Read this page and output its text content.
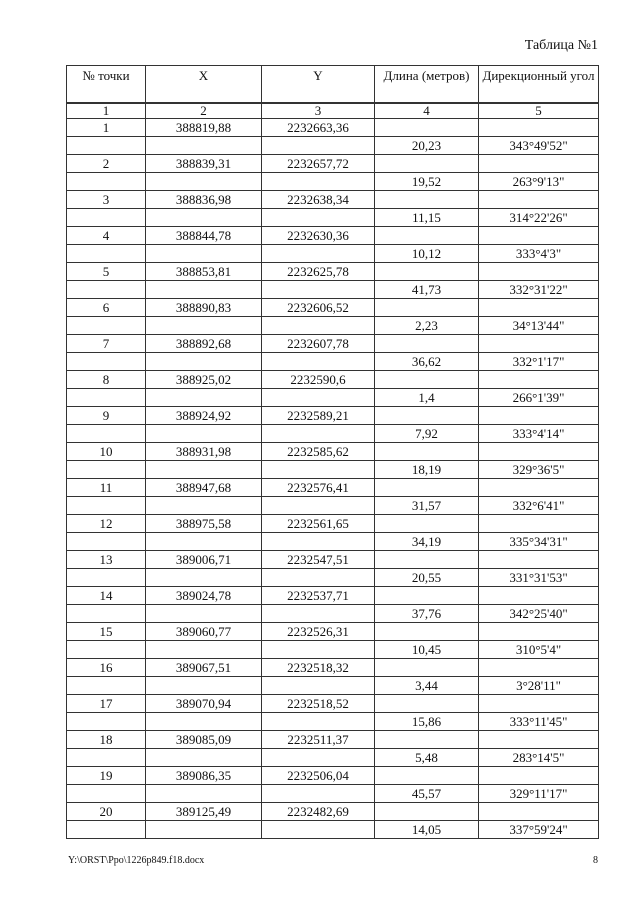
Таблица №1
№ точки	X	Y	Длина (метров)	Дирекционный угол
1	2	3	4	5
1	388819,88	2232663,36		
			20,23	343°49'52"
2	388839,31	2232657,72		
			19,52	263°9'13"
3	388836,98	2232638,34		
			11,15	314°22'26"
4	388844,78	2232630,36		
			10,12	333°4'3"
5	388853,81	2232625,78		
			41,73	332°31'22"
6	388890,83	2232606,52		
			2,23	34°13'44"
7	388892,68	2232607,78		
			36,62	332°1'17"
8	388925,02	2232590,6		
			1,4	266°1'39"
9	388924,92	2232589,21		
			7,92	333°4'14"
10	388931,98	2232585,62		
			18,19	329°36'5"
11	388947,68	2232576,41		
			31,57	332°6'41"
12	388975,58	2232561,65		
			34,19	335°34'31"
13	389006,71	2232547,51		
			20,55	331°31'53"
14	389024,78	2232537,71		
			37,76	342°25'40"
15	389060,77	2232526,31		
			10,45	310°5'4"
16	389067,51	2232518,32		
			3,44	3°28'11"
17	389070,94	2232518,52		
			15,86	333°11'45"
18	389085,09	2232511,37		
			5,48	283°14'5"
19	389086,35	2232506,04		
			45,57	329°11'17"
20	389125,49	2232482,69		
			14,05	337°59'24"
Y:\ORST\Ppo\1226p849.f18.docx	8
